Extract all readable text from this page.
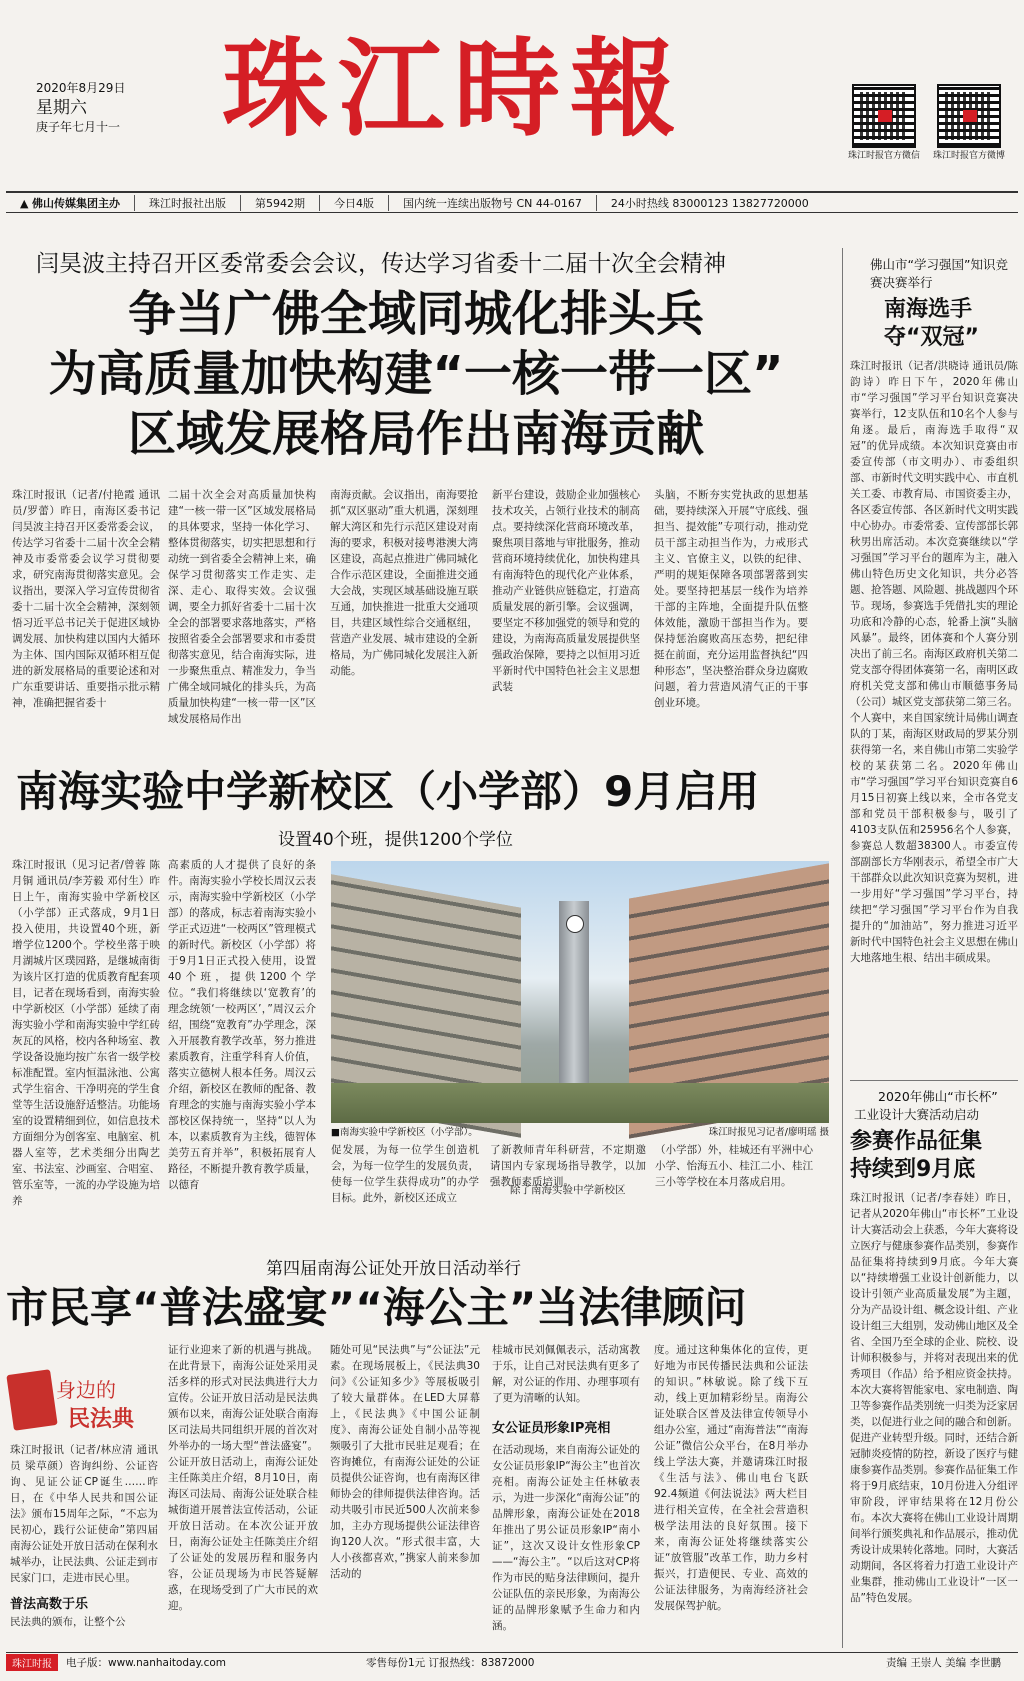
2020年8月29日
星期六
庚子年七月十一 珠江時報
珠江时报官方微信	珠江时报官方微博
▲ 佛山传媒集团主办	珠江时报社出版	第5942期	今日4版	国内统一连续出版物号 CN 44-0167	24小时热线 83000123 13827720000
闫昊波主持召开区委常委会会议，传达学习省委十二届十次全会精神
争当广佛全域同城化排头兵
为高质量加快构建“一核一带一区”
区域发展格局作出南海贡献
珠江时报讯（记者/付艳霞 通讯员/罗蕾）昨日，南海区委书记闫昊波主持召开区委常委会议，传达学习省委十二届十次全会精神及市委常委会议学习贯彻要求，研究南海贯彻落实意见。会议指出，要深入学习宣传贯彻省委十二届十次全会精神，深刻领悟习近平总书记关于促进区域协调发展、加快构建以国内大循环为主体、国内国际双循环相互促进的新发展格局的重要论述和对广东重要讲话、重要指示批示精神，准确把握省委十
二届十次全会对高质量加快构建“一核一带一区”区域发展格局的具体要求，坚持一体化学习、整体贯彻落实，切实把思想和行动统一到省委全会精神上来，确保学习贯彻落实工作走实、走深、走心、取得实效。会议强调，要全力抓好省委十二届十次全会的部署要求落地落实，严格按照省委全会部署要求和市委贯彻落实意见，结合南海实际，进一步聚焦重点、精准发力，争当广佛全域同城化的排头兵，为高质量加快构建“一核一带一区”区域发展格局作出
南海贡献。会议指出，南海要抢抓“双区驱动”重大机遇，深刻理解大湾区和先行示范区建设对南海的要求，积极对接粤港澳大湾区建设，高起点推进广佛同城化合作示范区建设，全面推进交通大会战，实现区域基础设施互联互通，加快推进一批重大交通项目，共建区域性综合交通枢纽，营造产业发展、城市建设的全新格局，为广佛同城化发展注入新动能。
新平台建设，鼓励企业加强核心技术攻关，占领行业技术的制高点。要持续深化营商环境改革，聚焦项目落地与审批服务，推动营商环境持续优化，加快构建具有南海特色的现代化产业体系，推动产业链供应链稳定，打造高质量发展的新引擎。会议强调，要坚定不移加强党的领导和党的建设，为南海高质量发展提供坚强政治保障，要持之以恒用习近平新时代中国特色社会主义思想武装
头脑，不断夯实党执政的思想基础，要持续深入开展“守底线、强担当、提效能”专项行动，推动党员干部主动担当作为，力戒形式主义、官僚主义，以铁的纪律、严明的规矩保障各项部署落到实处。要坚持把基层一线作为培养干部的主阵地，全面提升队伍整体效能，激励干部担当作为。要保持惩治腐败高压态势，把纪律挺在前面，充分运用监督执纪“四种形态”，坚决整治群众身边腐败问题，着力营造风清气正的干事创业环境。
南海实验中学新校区（小学部）9月启用
设置40个班，提供1200个学位
珠江时报讯（见习记者/曾蓉 陈月铜 通讯员/李芳毅 邓付生）昨日上午，南海实验中学新校区（小学部）正式落成，9月1日投入使用，共设置40个班，新增学位1200个。学校坐落于映月湖城片区璞园路，是继城南街为该片区打造的优质教育配套项目，记者在现场看到，南海实验中学新校区（小学部）延续了南海实验小学和南海实验中学红砖灰瓦的风格，校内各种场室、教学设备设施均按广东省一级学校标准配置。室内恒温泳池、公寓式学生宿舍、干净明亮的学生食堂等生活设施舒适整洁。功能场室的设置精细到位，如信息技术方面细分为创客室、电脑室、机器人室等，艺术类细分出陶艺室、书法室、沙画室、合唱室、管乐室等，一流的办学设施为培养
高素质的人才提供了良好的条件。南海实验小学校长周汉云表示，南海实验中学新校区（小学部）的落成，标志着南海实验小学正式迈进“一校两区”管理模式的新时代。新校区（小学部）将于9月1日正式投入使用，设置40个班，提供1200个学位。“我们将继续以‘宽教育’的理念统领‘一校两区’，”周汉云介绍，围绕“宽教育”办学理念，深入开展教育教学改革，努力推进素质教育，注重学科育人价值，落实立德树人根本任务。周汉云介绍，新校区在教师的配备、教育理念的实施与南海实验小学本部校区保持统一，坚持“以人为本，以素质教育为主线，德智体美劳五育并举”，积极拓展育人路径，不断提升教育教学质量，以德育
■南海实验中学新校区（小学部）。	珠江时报见习记者/廖明瑶 摄
促发展，为每一位学生创造机会，为每一位学生的发展负责，使每一位学生获得成功”的办学目标。此外，新校区还成立
了新教师青年科研营，不定期邀请国内专家现场指导教学，以加强教师素质培训。
除了南海实验中学新校区
（小学部）外，桂城还有平洲中心小学、怡海五小、桂江二小、桂江三小等学校在本月落成启用。
第四届南海公证处开放日活动举行
市民享“普法盛宴”“海公主”当法律顾问
身边的
民法典
珠江时报讯（记者/林应清 通讯员 梁草颜）咨询纠纷、公证咨询、见证公证CP诞生……昨日，在《中华人民共和国公证法》颁布15周年之际，“不忘为民初心，践行公证使命”第四届南海公证处开放日活动在保利水城举办，让民法典、公证走到市民家门口，走进市民心里。
普法高数于乐
民法典的颁布，让整个公
证行业迎来了新的机遇与挑战。在此背景下，南海公证处采用灵活多样的形式对民法典进行大力宣传。公证开放日活动是民法典颁布以来，南海公证处联合南海区司法局共同组织开展的首次对外举办的一场大型“普法盛宴”。公证开放日活动上，南海公证处主任陈美庄介绍，8月10日，南海区司法局、南海公证处联合桂城街道开展普法宣传活动，公证开放日活动。在本次公证开放日，南海公证处主任陈美庄介绍了公证处的发展历程和服务内容，公证员现场为市民答疑解惑，在现场受到了广大市民的欢迎。
随处可见“民法典”与“公证法”元素。在现场展板上，《民法典30问》《公证知多少》等展板吸引了较大量群体。在LED大屏幕上，《民法典》《中国公证制度》、南海公证处自制小品等视频吸引了大批市民驻足观看；在咨询摊位，有南海公证处的公证员提供公证咨询，也有南海区律师协会的律师提供法律咨询。活动共吸引市民近500人次前来参加，主办方现场提供公证法律咨询120人次。“形式很丰富，大人小孩都喜欢，”携家人前来参加活动的
桂城市民刘佩佩表示，活动寓教于乐，让自己对民法典有更多了解，对公证的作用、办理事项有了更为清晰的认知。
女公证员形象IP亮相
在活动现场，来自南海公证处的女公证员形象IP“海公主”也首次亮相。南海公证处主任林敏表示，为进一步深化“南海公证”的品牌形象，南海公证处在2018年推出了男公证员形象IP“南小证”，这次又设计女性形象CP——“海公主”。“以后这对CP将作为市民的贴身法律顾问，提升公证队伍的亲民形象，为南海公证的品牌形象赋予生命力和内涵。
度。通过这种集体化的宣传，更好地为市民传播民法典和公证法的知识。”林敏说。除了线下互动，线上更加精彩纷呈。南海公证处联合区普及法律宣传领导小组办公室，通过“南海普法”“南海公证”微信公众平台，在8月举办线上学法大赛，并邀请珠江时报《生活与法》、佛山电台飞跃92.4频道《何法说法》两大栏目进行相关宣传，在全社会营造积极学法用法的良好氛围。接下来，南海公证处将继续落实公证“放管服”改革工作，助力乡村振兴，打造便民、专业、高效的公证法律服务，为南海经济社会发展保驾护航。
佛山市“学习强国”知识竞赛决赛举行
南海选手
夺“双冠”
珠江时报讯（记者/洪晓诗 通讯员/陈韵诗）昨日下午，2020年佛山市“学习强国”学习平台知识竞赛决赛举行，12支队伍和10名个人参与角逐。最后，南海选手取得“双冠”的优异成绩。本次知识竞赛由市委宣传部（市文明办）、市委组织部、市新时代文明实践中心、市直机关工委、市教育局、市国资委主办，各区委宣传部、各区新时代文明实践中心协办。市委常委、宣传部部长郭秋男出席活动。本次竞赛继续以“学习强国”学习平台的题库为主，融入佛山特色历史文化知识，共分必答题、抢答题、风险题、挑战题四个环节。现场，参赛选手凭借扎实的理论功底和冷静的心态，轮番上演“头脑风暴”。最终，团体赛和个人赛分别决出了前三名。南海区政府机关第二党支部夺得团体赛第一名，南明区政府机关党支部和佛山市顺德事务局（公司）城区党支部获第二第三名。个人赛中，来自国家统计局佛山调查队的丁某，南海区财政局的罗某分别获得第一名，来自佛山市第二实验学校的某获第二名。2020年佛山市“学习强国”学习平台知识竞赛自6月15日初赛上线以来，全市各党支部和党员干部积极参与，吸引了4103支队伍和25956名个人参赛，参赛总人数超38300人。市委宣传部副部长方华刚表示，希望全市广大干部群众以此次知识竞赛为契机，进一步用好“学习强国”学习平台，持续把“学习强国”学习平台作为自我提升的“加油站”，努力推进习近平新时代中国特色社会主义思想在佛山大地落地生根、结出丰硕成果。
2020年佛山“市长杯”
工业设计大赛活动启动
参赛作品征集
持续到9月底
珠江时报讯（记者/李春娃）昨日，记者从2020年佛山“市长杯”工业设计大赛活动会上获悉，今年大赛将设立医疗与健康参赛作品类别，参赛作品征集将持续到9月底。今年大赛以“持续增强工业设计创新能力，以设计引领产业高质量发展”为主题，分为产品设计组、概念设计组、产业设计组三大组别，发动佛山地区及全省、全国乃至全球的企业、院校、设计师积极参与，并将对表现出来的优秀项目（作品）给予相应资金扶持。本次大赛将智能家电、家电制造、陶卫等参赛作品类别统一归类为泛家居类，以促进行业之间的融合和创新。促进产业转型升级。同时，还结合新冠肺炎疫情的防控，新设了医疗与健康参赛作品类别。参赛作品征集工作将于9月底结束，10月份进入分组评审阶段，评审结果将在12月份公布。本次大赛将在佛山工业设计周期间举行颁奖典礼和作品展示，推动优秀设计成果转化落地。同时，大赛活动期间，各区将着力打造工业设计产业集群，推动佛山工业设计“一区一品”特色发展。
珠江时报	电子版：www.nanhaitoday.com	零售每份1元 订报热线：83872000	责编 王崇人 美编 李世鹏
